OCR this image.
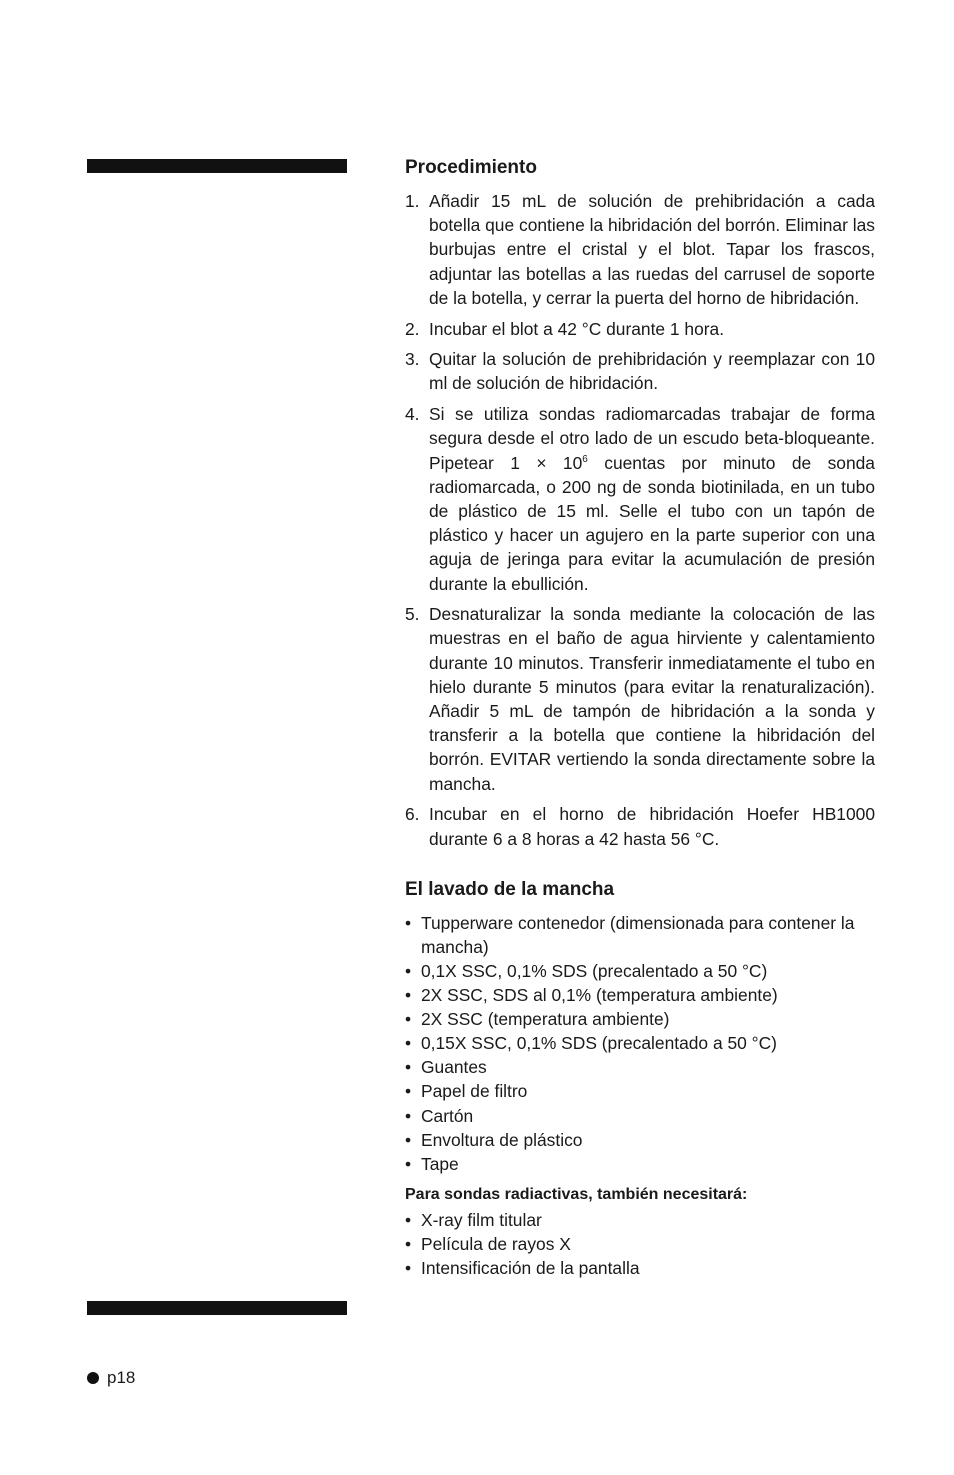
Procedimiento
1. Añadir 15 mL de solución de prehibridación a cada botella que contiene la hibridación del borrón. Eliminar las burbujas entre el cristal y el blot. Tapar los frascos, adjuntar las botellas a las ruedas del carrusel de soporte de la botella, y cerrar la puerta del horno de hibridación.
2. Incubar el blot a 42 °C durante 1 hora.
3. Quitar la solución de prehibridación y reemplazar con 10 ml de solución de hibridación.
4. Si se utiliza sondas radiomarcadas trabajar de forma segura desde el otro lado de un escudo beta-bloqueante. Pipetear $1 \times 10^6$ cuentas por minuto de sonda radiomarcada, o 200 ng de sonda biotinilada, en un tubo de plástico de 15 ml. Selle el tubo con un tapón de plástico y hacer un agujero en la parte superior con una aguja de jeringa para evitar la acumulación de presión durante la ebullición.
5. Desnaturalizar la sonda mediante la colocación de las muestras en el baño de agua hirviente y calentamiento durante 10 minutos. Transferir inmediatamente el tubo en hielo durante 5 minutos (para evitar la renaturalización). Añadir 5 mL de tampón de hibridación a la sonda y transferir a la botella que contiene la hibridación del borrón. EVITAR vertiendo la sonda directamente sobre la mancha.
6. Incubar en el horno de hibridación Hoefer HB1000 durante 6 a 8 horas a 42 hasta 56 °C.
El lavado de la mancha
• Tupperware contenedor (dimensionada para contener la mancha)
• 0,1X SSC, 0,1% SDS (precalentado a 50 °C)
• 2X SSC, SDS al 0,1% (temperatura ambiente)
• 2X SSC (temperatura ambiente)
• 0,15X SSC, 0,1% SDS (precalentado a 50 °C)
• Guantes
• Papel de filtro
• Cartón
• Envoltura de plástico
• Tape
Para sondas radiactivas, también necesitará:
• X-ray film titular
• Película de rayos X
• Intensificación de la pantalla
p18
